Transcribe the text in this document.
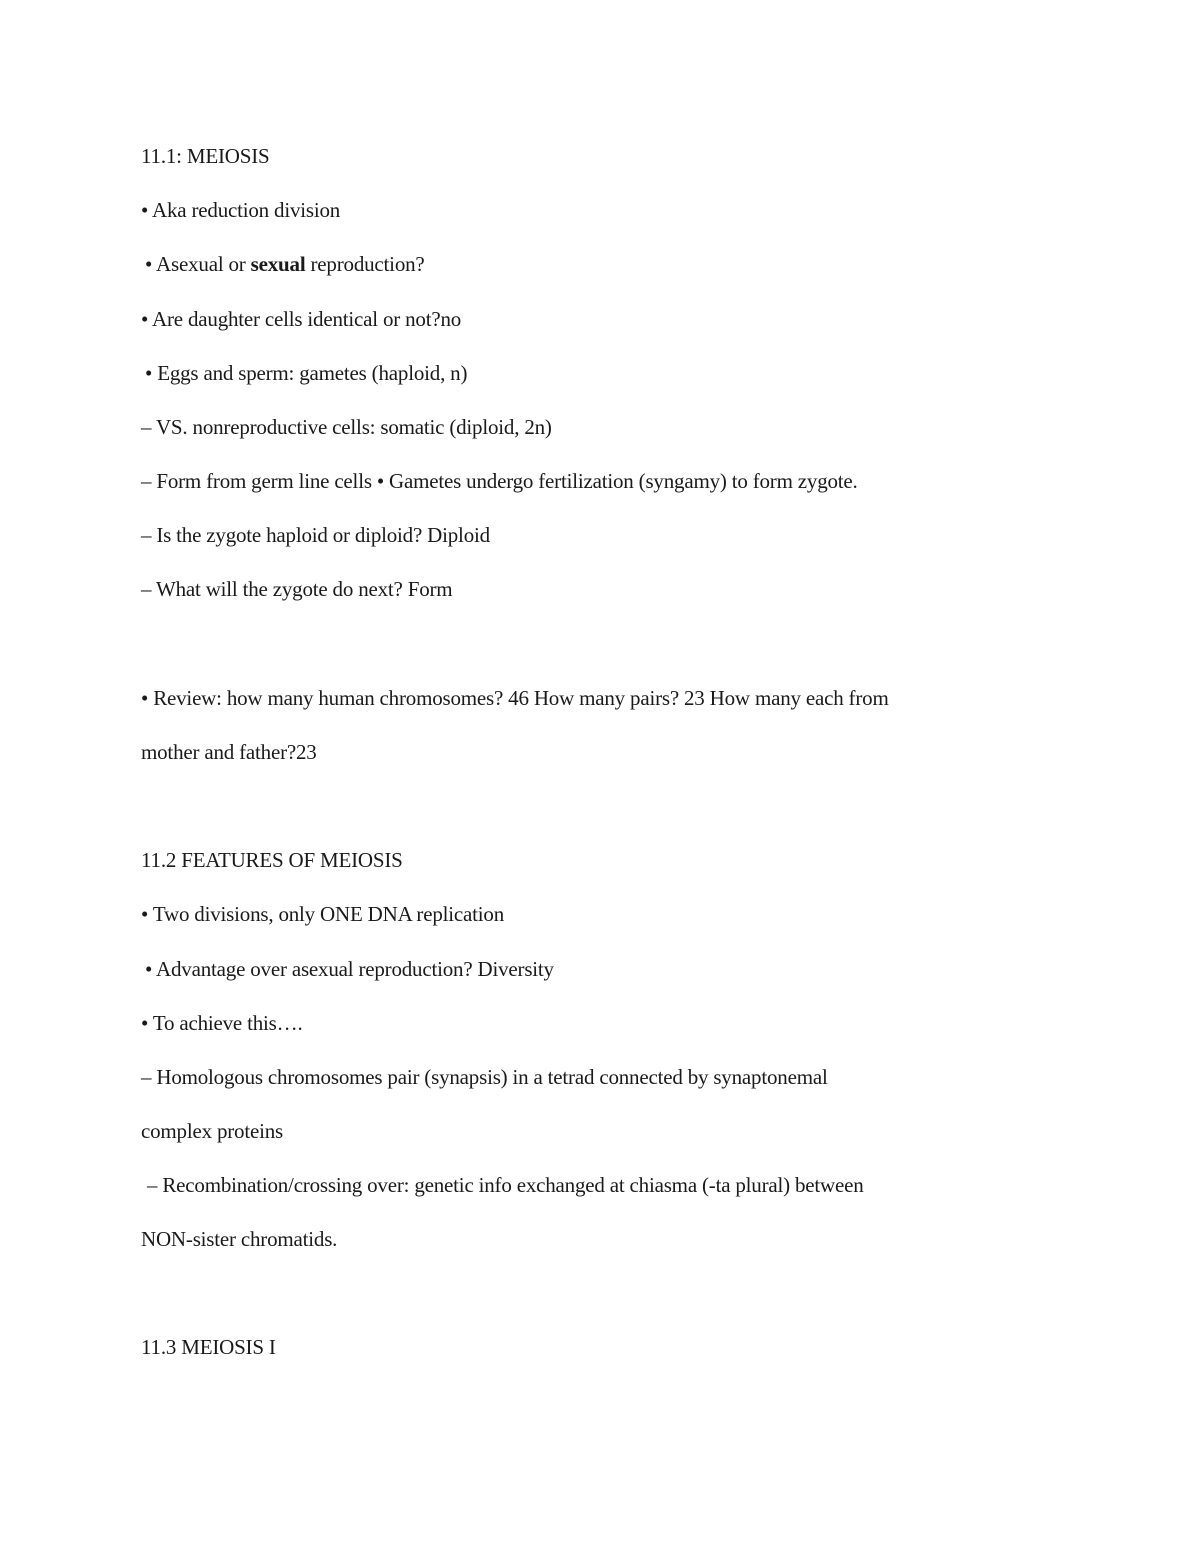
11.1: MEIOSIS
• Aka reduction division
• Asexual or sexual reproduction?
• Are daughter cells identical or not?no
• Eggs and sperm: gametes (haploid, n)
– VS. nonreproductive cells: somatic (diploid, 2n)
– Form from germ line cells • Gametes undergo fertilization (syngamy) to form zygote.
– Is the zygote haploid or diploid? Diploid
– What will the zygote do next? Form
• Review: how many human chromosomes? 46 How many pairs? 23 How many each from
mother and father?23
11.2 FEATURES OF MEIOSIS
• Two divisions, only ONE DNA replication
• Advantage over asexual reproduction? Diversity
• To achieve this….
– Homologous chromosomes pair (synapsis) in a tetrad connected by synaptonemal
complex proteins
– Recombination/crossing over: genetic info exchanged at chiasma (-ta plural) between
NON-sister chromatids.
11.3 MEIOSIS I
